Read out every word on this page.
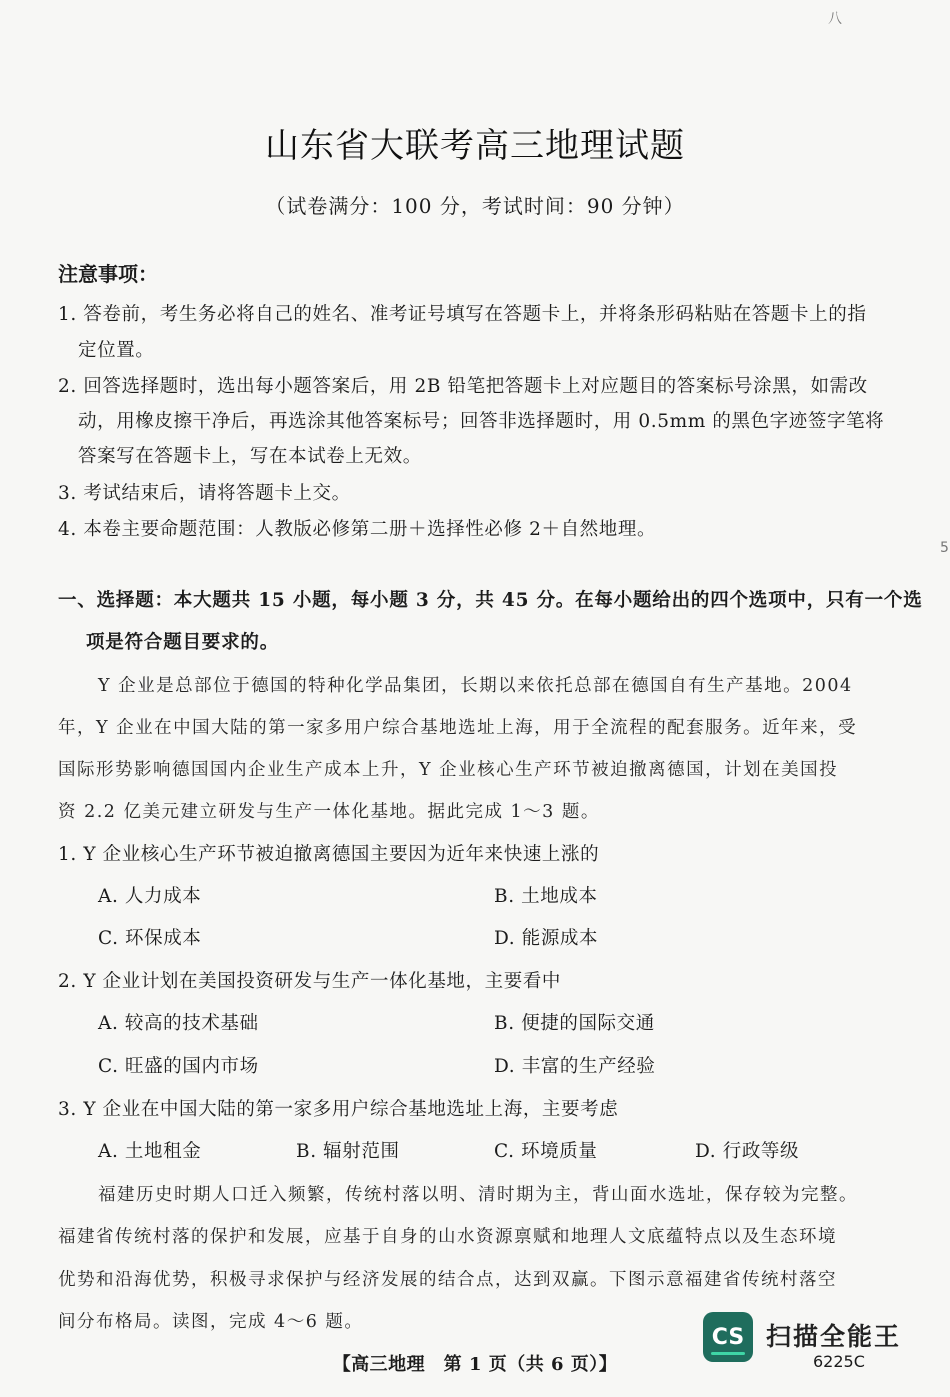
八
5
山东省大联考高三地理试题
（试卷满分：100 分，考试时间：90 分钟）
注意事项：
1. 答卷前，考生务必将自己的姓名、准考证号填写在答题卡上，并将条形码粘贴在答题卡上的指
定位置。
2. 回答选择题时，选出每小题答案后，用 2B 铅笔把答题卡上对应题目的答案标号涂黑，如需改
动，用橡皮擦干净后，再选涂其他答案标号；回答非选择题时，用 0.5mm 的黑色字迹签字笔将
答案写在答题卡上，写在本试卷上无效。
3. 考试结束后，请将答题卡上交。
4. 本卷主要命题范围：人教版必修第二册＋选择性必修 2＋自然地理。
一、选择题：本大题共 15 小题，每小题 3 分，共 45 分。在每小题给出的四个选项中，只有一个选
项是符合题目要求的。
Y 企业是总部位于德国的特种化学品集团，长期以来依托总部在德国自有生产基地。2004
年，Y 企业在中国大陆的第一家多用户综合基地选址上海，用于全流程的配套服务。近年来，受
国际形势影响德国国内企业生产成本上升，Y 企业核心生产环节被迫撤离德国，计划在美国投
资 2.2 亿美元建立研发与生产一体化基地。据此完成 1～3 题。
1. Y 企业核心生产环节被迫撤离德国主要因为近年来快速上涨的
A. 人力成本	B. 土地成本
C. 环保成本	D. 能源成本
2. Y 企业计划在美国投资研发与生产一体化基地，主要看中
A. 较高的技术基础	B. 便捷的国际交通
C. 旺盛的国内市场	D. 丰富的生产经验
3. Y 企业在中国大陆的第一家多用户综合基地选址上海，主要考虑
A. 土地租金	B. 辐射范围	C. 环境质量	D. 行政等级
福建历史时期人口迁入频繁，传统村落以明、清时期为主，背山面水选址，保存较为完整。
福建省传统村落的保护和发展，应基于自身的山水资源禀赋和地理人文底蕴特点以及生态环境
优势和沿海优势，积极寻求保护与经济发展的结合点，达到双赢。下图示意福建省传统村落空
间分布格局。读图，完成 4～6 题。
【高三地理　第 1 页（共 6 页）】	6225C
CS 扫描全能王
